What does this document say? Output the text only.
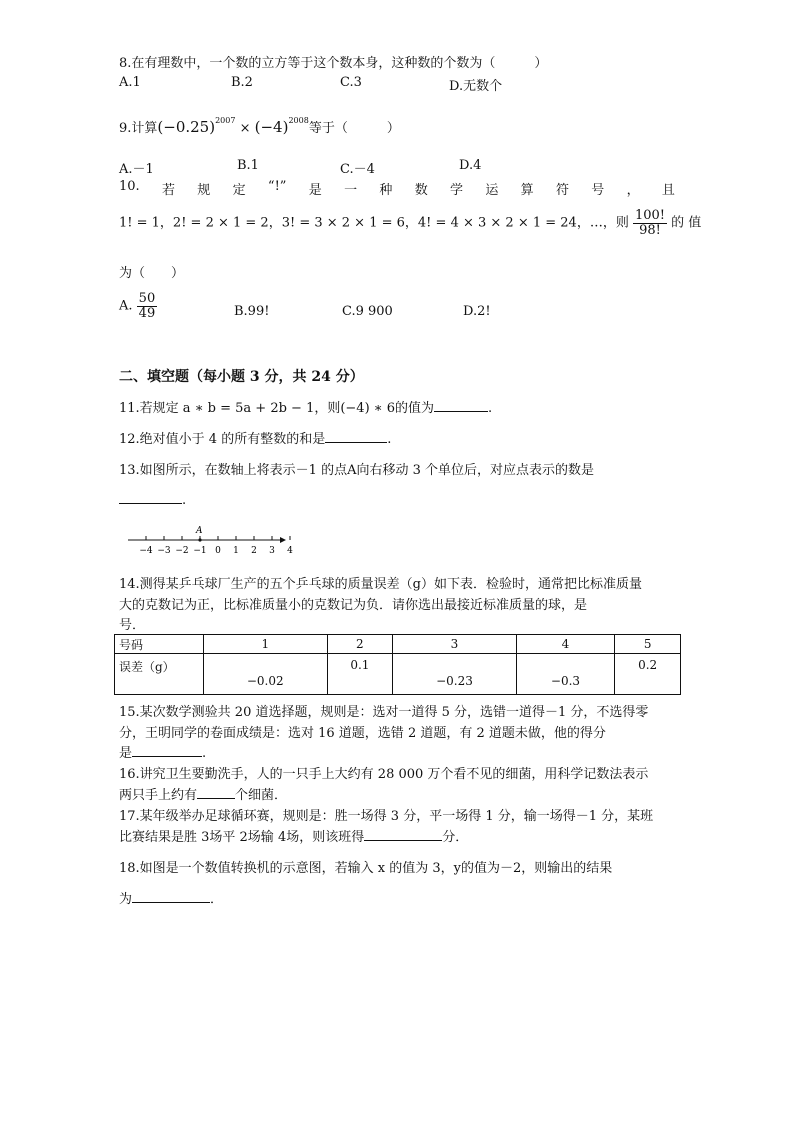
8.在有理数中，一个数的立方等于这个数本身，这种数的个数为（　　　）
A.1	B.2	C.3	D.无数个
9.计算$(-0.25)^{2007} \times (-4)^{2008}$等于（　　　）
A.－1	B.1	C.－4	D.4
10. 若 规 定 “!” 是 一 种 数 学 运 算 符 号 ， 且
1! = 1，2! = 2 × 1 = 2，3! = 3 × 2 × 1 = 6，4! = 4 × 3 × 2 × 1 = 24，…，则 $\frac{100!}{98!}$ 的 值
为（　　）
A. $\frac{50}{49}$	B.99!	C.9 900	D.2!
二、填空题（每小题 3 分，共 24 分）
11.若规定 a ∗ b = 5a + 2b − 1，则(−4) ∗ 6的值为	.
12.绝对值小于 4 的所有整数的和是	.
13.如图所示，在数轴上将表示－1 的点A向右移动 3 个单位后，对应点表示的数是
.
−4 −3 −2 −1 0 1 2 3 4
A
14.测得某乒乓球厂生产的五个乒乓球的质量误差（g）如下表．检验时，通常把比标准质量
大的克数记为正，比标准质量小的克数记为负．请你选出最接近标准质量的球，是
号．
号码	1	2	3	4	5
误差（g）	−0.02	0.1	−0.23	−0.3	0.2
15.某次数学测验共 20 道选择题，规则是：选对一道得 5 分，选错一道得－1 分，不选得零
分，王明同学的卷面成绩是：选对 16 道题，选错 2 道题，有 2 道题未做，他的得分
是	.
16.讲究卫生要勤洗手，人的一只手上大约有 28 000 万个看不见的细菌，用科学记数法表示
两只手上约有	个细菌．
17.某年级举办足球循环赛，规则是：胜一场得 3 分，平一场得 1 分，输一场得－1 分，某班
比赛结果是胜 3场平 2场输 4场，则该班得	分．
18.如图是一个数值转换机的示意图，若输入 x 的值为 3，y的值为－2，则输出的结果
为	．
